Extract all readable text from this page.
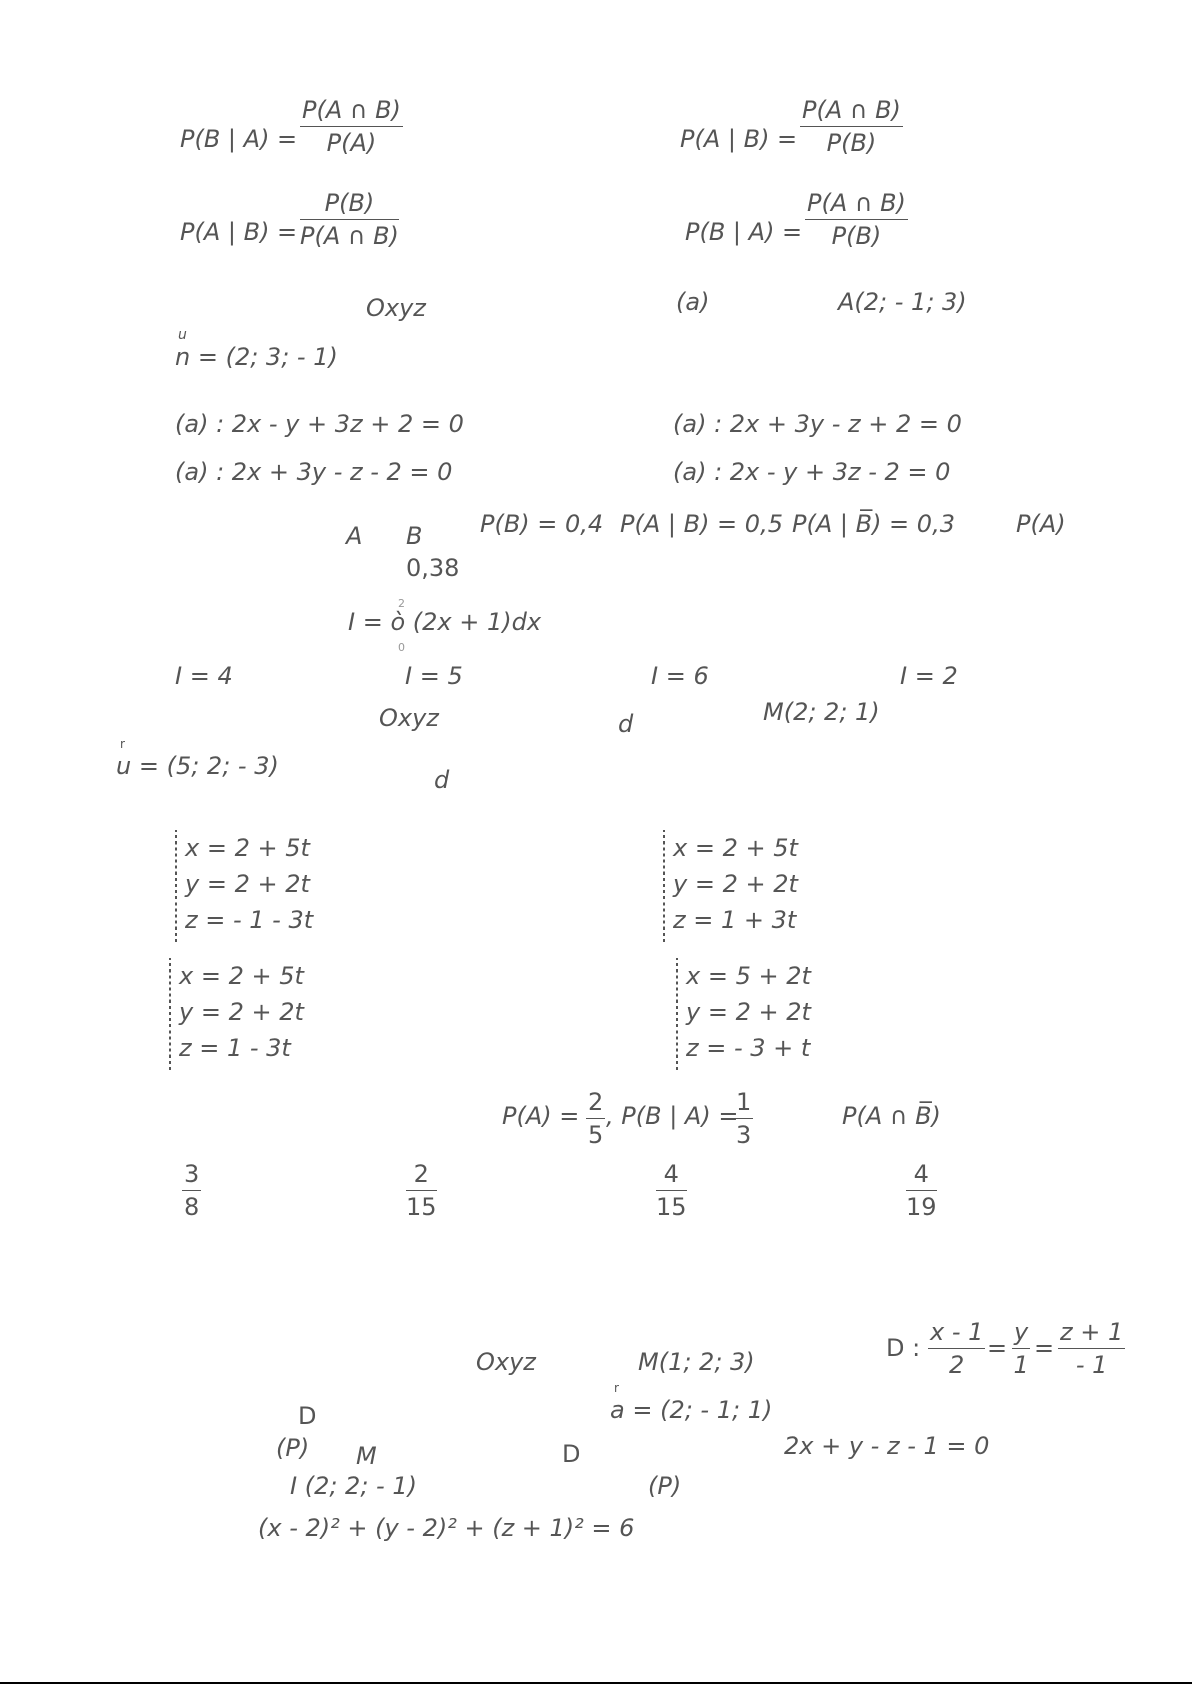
P(B | A) =
P(A ∩ B)
P(A)	P(A | B) =
P(A ∩ B)
P(B)
P(A | B) =
P(B)
P(A ∩ B)	P(B | A) =
P(A ∩ B)
P(B)
Oxyz	(a)	A(2; - 1; 3)
u
n = (2; 3; - 1)
(a) : 2x - y + 3z + 2 = 0	(a) : 2x + 3y - z + 2 = 0
(a) : 2x + 3y - z - 2 = 0	(a) : 2x - y + 3z - 2 = 0
A B P(B) = 0,4 P(A | B) = 0,5 P(A | B̅) = 0,3	P(A)
0,38
2
I = ò (2x + 1)dx
0
I = 4	I = 5	I = 6	I = 2
Oxyz	d	M(2; 2; 1)
r
u = (5; 2; - 3)	d
x = 2 + 5t
y = 2 + 2t
z = - 1 - 3t
x = 2 + 5t
y = 2 + 2t
z = 1 + 3t
x = 2 + 5t
y = 2 + 2t
z = 1 - 3t
x = 5 + 2t
y = 2 + 2t
z = - 3 + t
P(A) = 2
5
, P(B | A) =
1
3
P(A ∩ B̅)
3
8
2
15
4
15
4
19
D :
x - 1
2
=
y
1
=
z + 1
- 1
Oxyz	M(1; 2; 3)
D
r
a = (2; - 1; 1)
(P) M	D	2x + y - z - 1 = 0
I (2; 2; - 1)	(P)
(x - 2)² + (y - 2)² + (z + 1)² = 6
